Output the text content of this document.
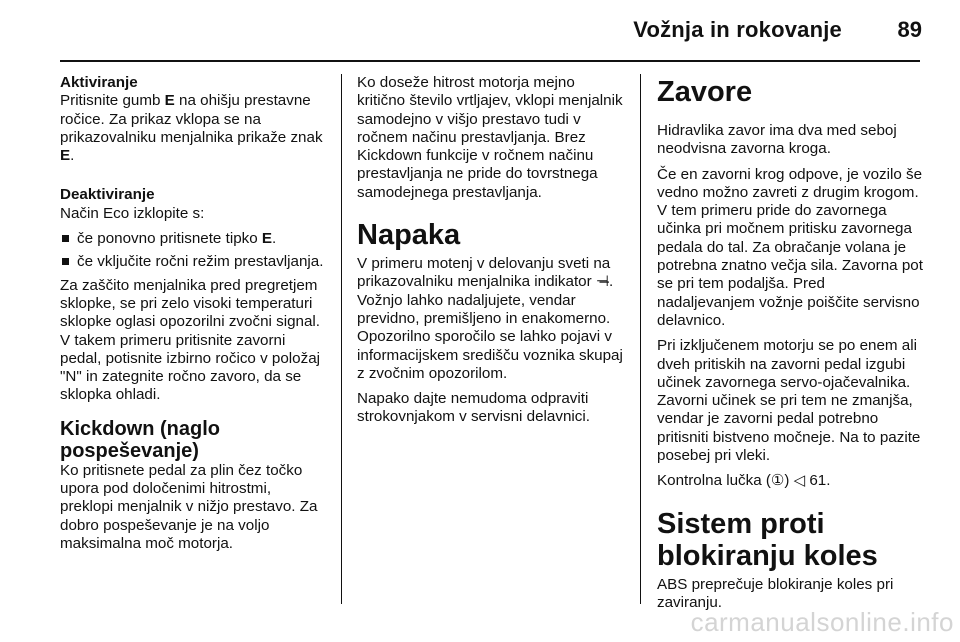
Vožnja in rokovanje	89

Aktiviranje

Pritisnite gumb E na ohišju prestavne ročice. Za prikaz vklopa se na prikazovalniku menjalnika prikaže znak E.

Deaktiviranje

Način Eco izklopite s:

če ponovno pritisnete tipko E.
če vključite ročni režim prestavljanja.

Za zaščito menjalnika pred pregretjem sklopke, se pri zelo visoki temperaturi sklopke oglasi opozorilni zvočni signal. V takem primeru pritisnite zavorni pedal, potisnite izbirno ročico v položaj "N" in zategnite ročno zavoro, da se sklopka ohladi.

Kickdown (naglo pospeševanje)

Ko pritisnete pedal za plin čez točko upora pod določenimi hitrostmi, preklopi menjalnik v nižjo prestavo. Za dobro pospeševanje je na voljo maksimalna moč motorja.

Ko doseže hitrost motorja mejno kritično število vrtljajev, vklopi menjalnik samodejno v višjo prestavo tudi v ročnem načinu prestavljanja. Brez Kickdown funkcije v ročnem načinu prestavljanja ne pride do tovrstnega samodejnega prestavljanja.

Napaka

V primeru motenj v delovanju sveti na prikazovalniku menjalnika indikator ⊣̶. Vožnjo lahko nadaljujete, vendar previdno, premišljeno in enakomerno. Opozorilno sporočilo se lahko pojavi v informacijskem središču voznika skupaj z zvočnim opozorilom.

Napako dajte nemudoma odpraviti strokovnjakom v servisni delavnici.

Zavore

Hidravlika zavor ima dva med seboj neodvisna zavorna kroga.

Če en zavorni krog odpove, je vozilo še vedno možno zavreti z drugim krogom. V tem primeru pride do zavornega učinka pri močnem pritisku zavornega pedala do tal. Za obračanje volana je potrebna znatno večja sila. Zavorna pot se pri tem podaljša. Pred nadaljevanjem vožnje poiščite servisno delavnico.

Pri izključenem motorju se po enem ali dveh pritiskih na zavorni pedal izgubi učinek zavornega servo-ojačevalnika. Zavorni učinek se pri tem ne zmanjša, vendar je zavorni pedal potrebno pritisniti bistveno močneje. Na to pazite posebej pri vleki.

Kontrolna lučka (①) ◁ 61.

Sistem proti blokiranju koles

ABS preprečuje blokiranje koles pri zaviranju.

carmanualsonline.info
